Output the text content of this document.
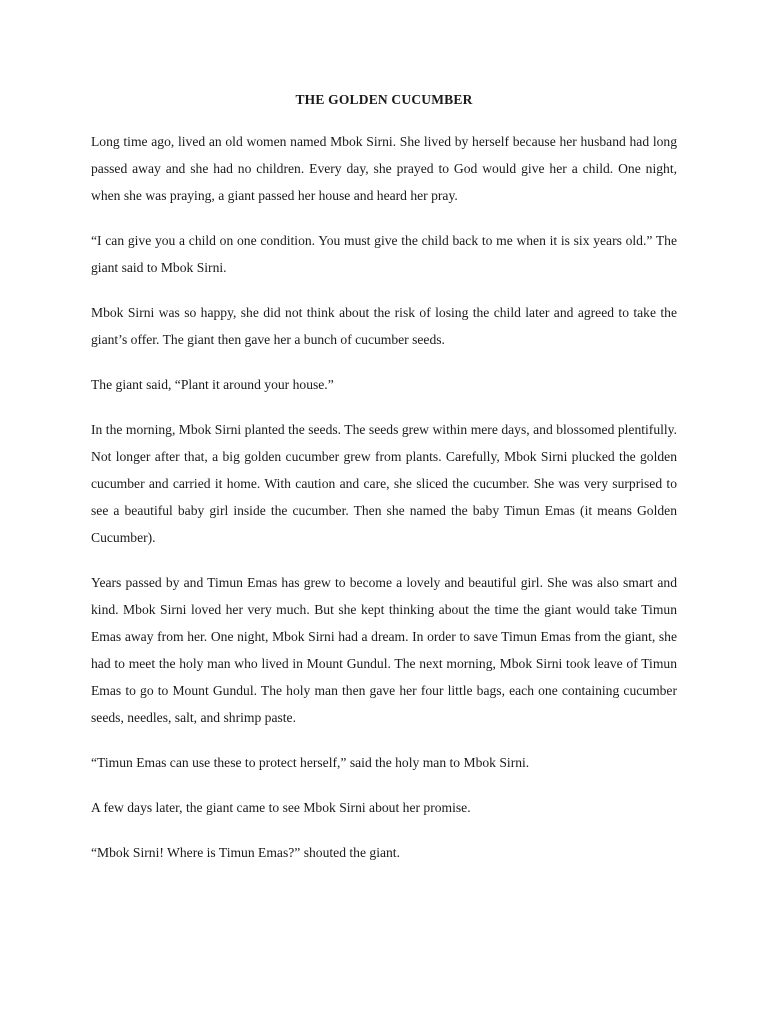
THE GOLDEN CUCUMBER

Long time ago, lived an old women named Mbok Sirni. She lived by herself because her husband had long passed away and she had no children. Every day, she prayed to God would give her a child. One night, when she was praying, a giant passed her house and heard her pray.

“I can give you a child on one condition. You must give the child back to me when it is six years old.” The giant said to Mbok Sirni.

Mbok Sirni was so happy, she did not think about the risk of losing the child later and agreed to take the giant’s offer. The giant then gave her a bunch of cucumber seeds.

The giant said, “Plant it around your house.”

In the morning, Mbok Sirni planted the seeds. The seeds grew within mere days, and blossomed plentifully. Not longer after that, a big golden cucumber grew from plants. Carefully, Mbok Sirni plucked the golden cucumber and carried it home. With caution and care, she sliced the cucumber. She was very surprised to see a beautiful baby girl inside the cucumber. Then she named the baby Timun Emas (it means Golden Cucumber).

Years passed by and Timun Emas has grew to become a lovely and beautiful girl. She was also smart and kind. Mbok Sirni loved her very much. But she kept thinking about the time the giant would take Timun Emas away from her. One night, Mbok Sirni had a dream. In order to save Timun Emas from the giant, she had to meet the holy man who lived in Mount Gundul. The next morning, Mbok Sirni took leave of Timun Emas to go to Mount Gundul. The holy man then gave her four little bags, each one containing cucumber seeds, needles, salt, and shrimp paste.

“Timun Emas can use these to protect herself,” said the holy man to Mbok Sirni.

A few days later, the giant came to see Mbok Sirni about her promise.

“Mbok Sirni! Where is Timun Emas?” shouted the giant.
